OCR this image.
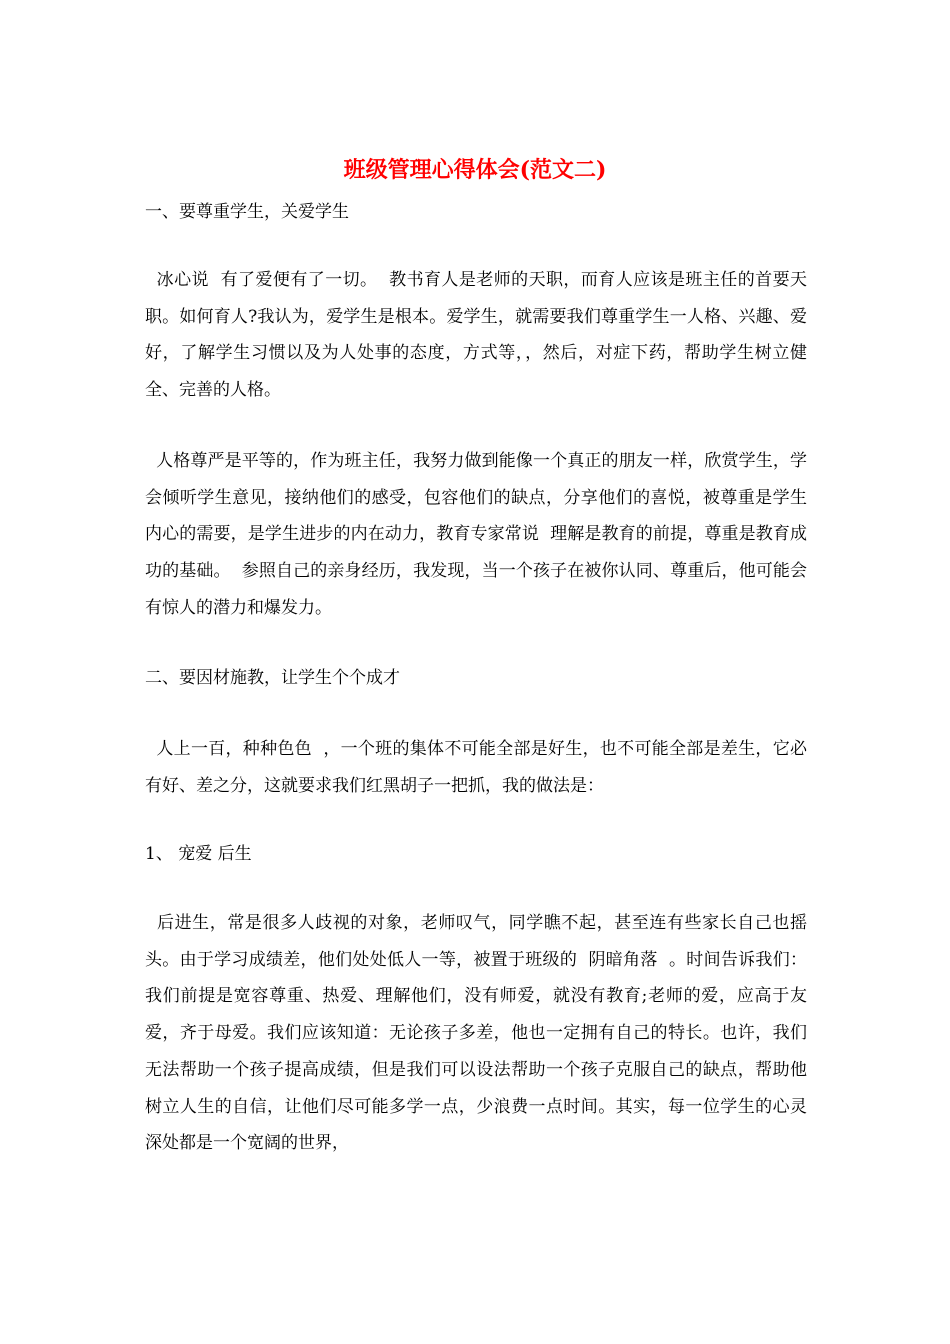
班级管理心得体会(范文二)
一、要尊重学生，关爱学生
冰心说  有了爱便有了一切。  教书育人是老师的天职，而育人应该是班主任的首要天职。如何育人?我认为，爱学生是根本。爱学生，就需要我们尊重学生一人格、兴趣、爱好，了解学生习惯以及为人处事的态度，方式等，，然后，对症下药，帮助学生树立健全、完善的人格。
人格尊严是平等的，作为班主任，我努力做到能像一个真正的朋友一样，欣赏学生，学会倾听学生意见，接纳他们的感受，包容他们的缺点，分享他们的喜悦，被尊重是学生内心的需要，是学生进步的内在动力，教育专家常说  理解是教育的前提，尊重是教育成功的基础。  参照自己的亲身经历，我发现，当一个孩子在被你认同、尊重后，他可能会有惊人的潜力和爆发力。
二、要因材施教，让学生个个成才
人上一百，种种色色  ，一个班的集体不可能全部是好生，也不可能全部是差生，它必有好、差之分，这就要求我们红黑胡子一把抓，我的做法是：
1、 宠爱 后生
后进生，常是很多人歧视的对象，老师叹气，同学瞧不起，甚至连有些家长自己也摇头。由于学习成绩差，他们处处低人一等，被置于班级的  阴暗角落  。时间告诉我们：我们前提是宽容尊重、热爱、理解他们，没有师爱，就没有教育;老师的爱，应高于友爱，齐于母爱。我们应该知道：无论孩子多差，他也一定拥有自己的特长。也许，我们无法帮助一个孩子提高成绩，但是我们可以设法帮助一个孩子克服自己的缺点，帮助他树立人生的自信，让他们尽可能多学一点，少浪费一点时间。其实，每一位学生的心灵深处都是一个宽阔的世界，
